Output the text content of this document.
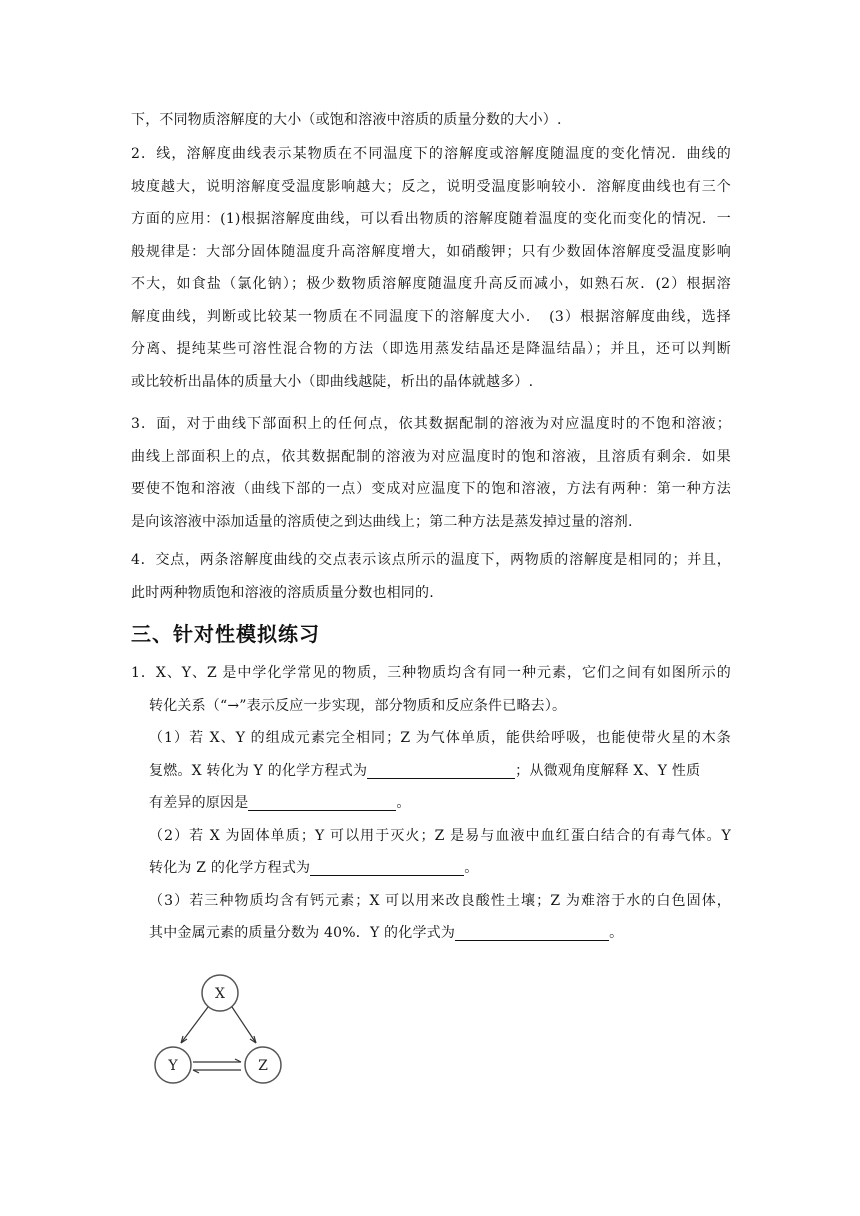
下，不同物质溶解度的大小（或饱和溶液中溶质的质量分数的大小）.
2．线，溶解度曲线表示某物质在不同温度下的溶解度或溶解度随温度的变化情况．曲线的
坡度越大，说明溶解度受温度影响越大；反之，说明受温度影响较小．溶解度曲线也有三个
方面的应用：(1)根据溶解度曲线，可以看出物质的溶解度随着温度的变化而变化的情况．一
般规律是：大部分固体随温度升高溶解度增大，如硝酸钾；只有少数固体溶解度受温度影响
不大，如食盐（氯化钠）；极少数物质溶解度随温度升高反而减小，如熟石灰．(2）根据溶
解度曲线，判断或比较某一物质在不同温度下的溶解度大小．　(3）根据溶解度曲线，选择
分离、提纯某些可溶性混合物的方法（即选用蒸发结晶还是降温结晶）；并且，还可以判断
或比较析出晶体的质量大小（即曲线越陡，析出的晶体就越多）.
3．面，对于曲线下部面积上的任何点，依其数据配制的溶液为对应温度时的不饱和溶液；
曲线上部面积上的点，依其数据配制的溶液为对应温度时的饱和溶液，且溶质有剩余．如果
要使不饱和溶液（曲线下部的一点）变成对应温度下的饱和溶液，方法有两种：第一种方法
是向该溶液中添加适量的溶质使之到达曲线上；第二种方法是蒸发掉过量的溶剂.
4．交点，两条溶解度曲线的交点表示该点所示的温度下，两物质的溶解度是相同的；并且，
此时两种物质饱和溶液的溶质质量分数也相同的.
三、针对性模拟练习
1．X、Y、Z 是中学化学常见的物质，三种物质均含有同一种元素，它们之间有如图所示的
转化关系（“→”表示反应一步实现，部分物质和反应条件已略去）。
（1）若 X、Y 的组成元素完全相同；Z 为气体单质，能供给呼吸，也能使带火星的木条
复燃。X 转化为 Y 的化学方程式为	；从微观角度解释 X、Y 性质
有差异的原因是	。
（2）若 X 为固体单质；Y 可以用于灭火；Z 是易与血液中血红蛋白结合的有毒气体。Y
转化为 Z 的化学方程式为	。
（3）若三种物质均含有钙元素；X 可以用来改良酸性土壤；Z 为难溶于水的白色固体，
其中金属元素的质量分数为 40%．Y 的化学式为	。
X
Y	Z
